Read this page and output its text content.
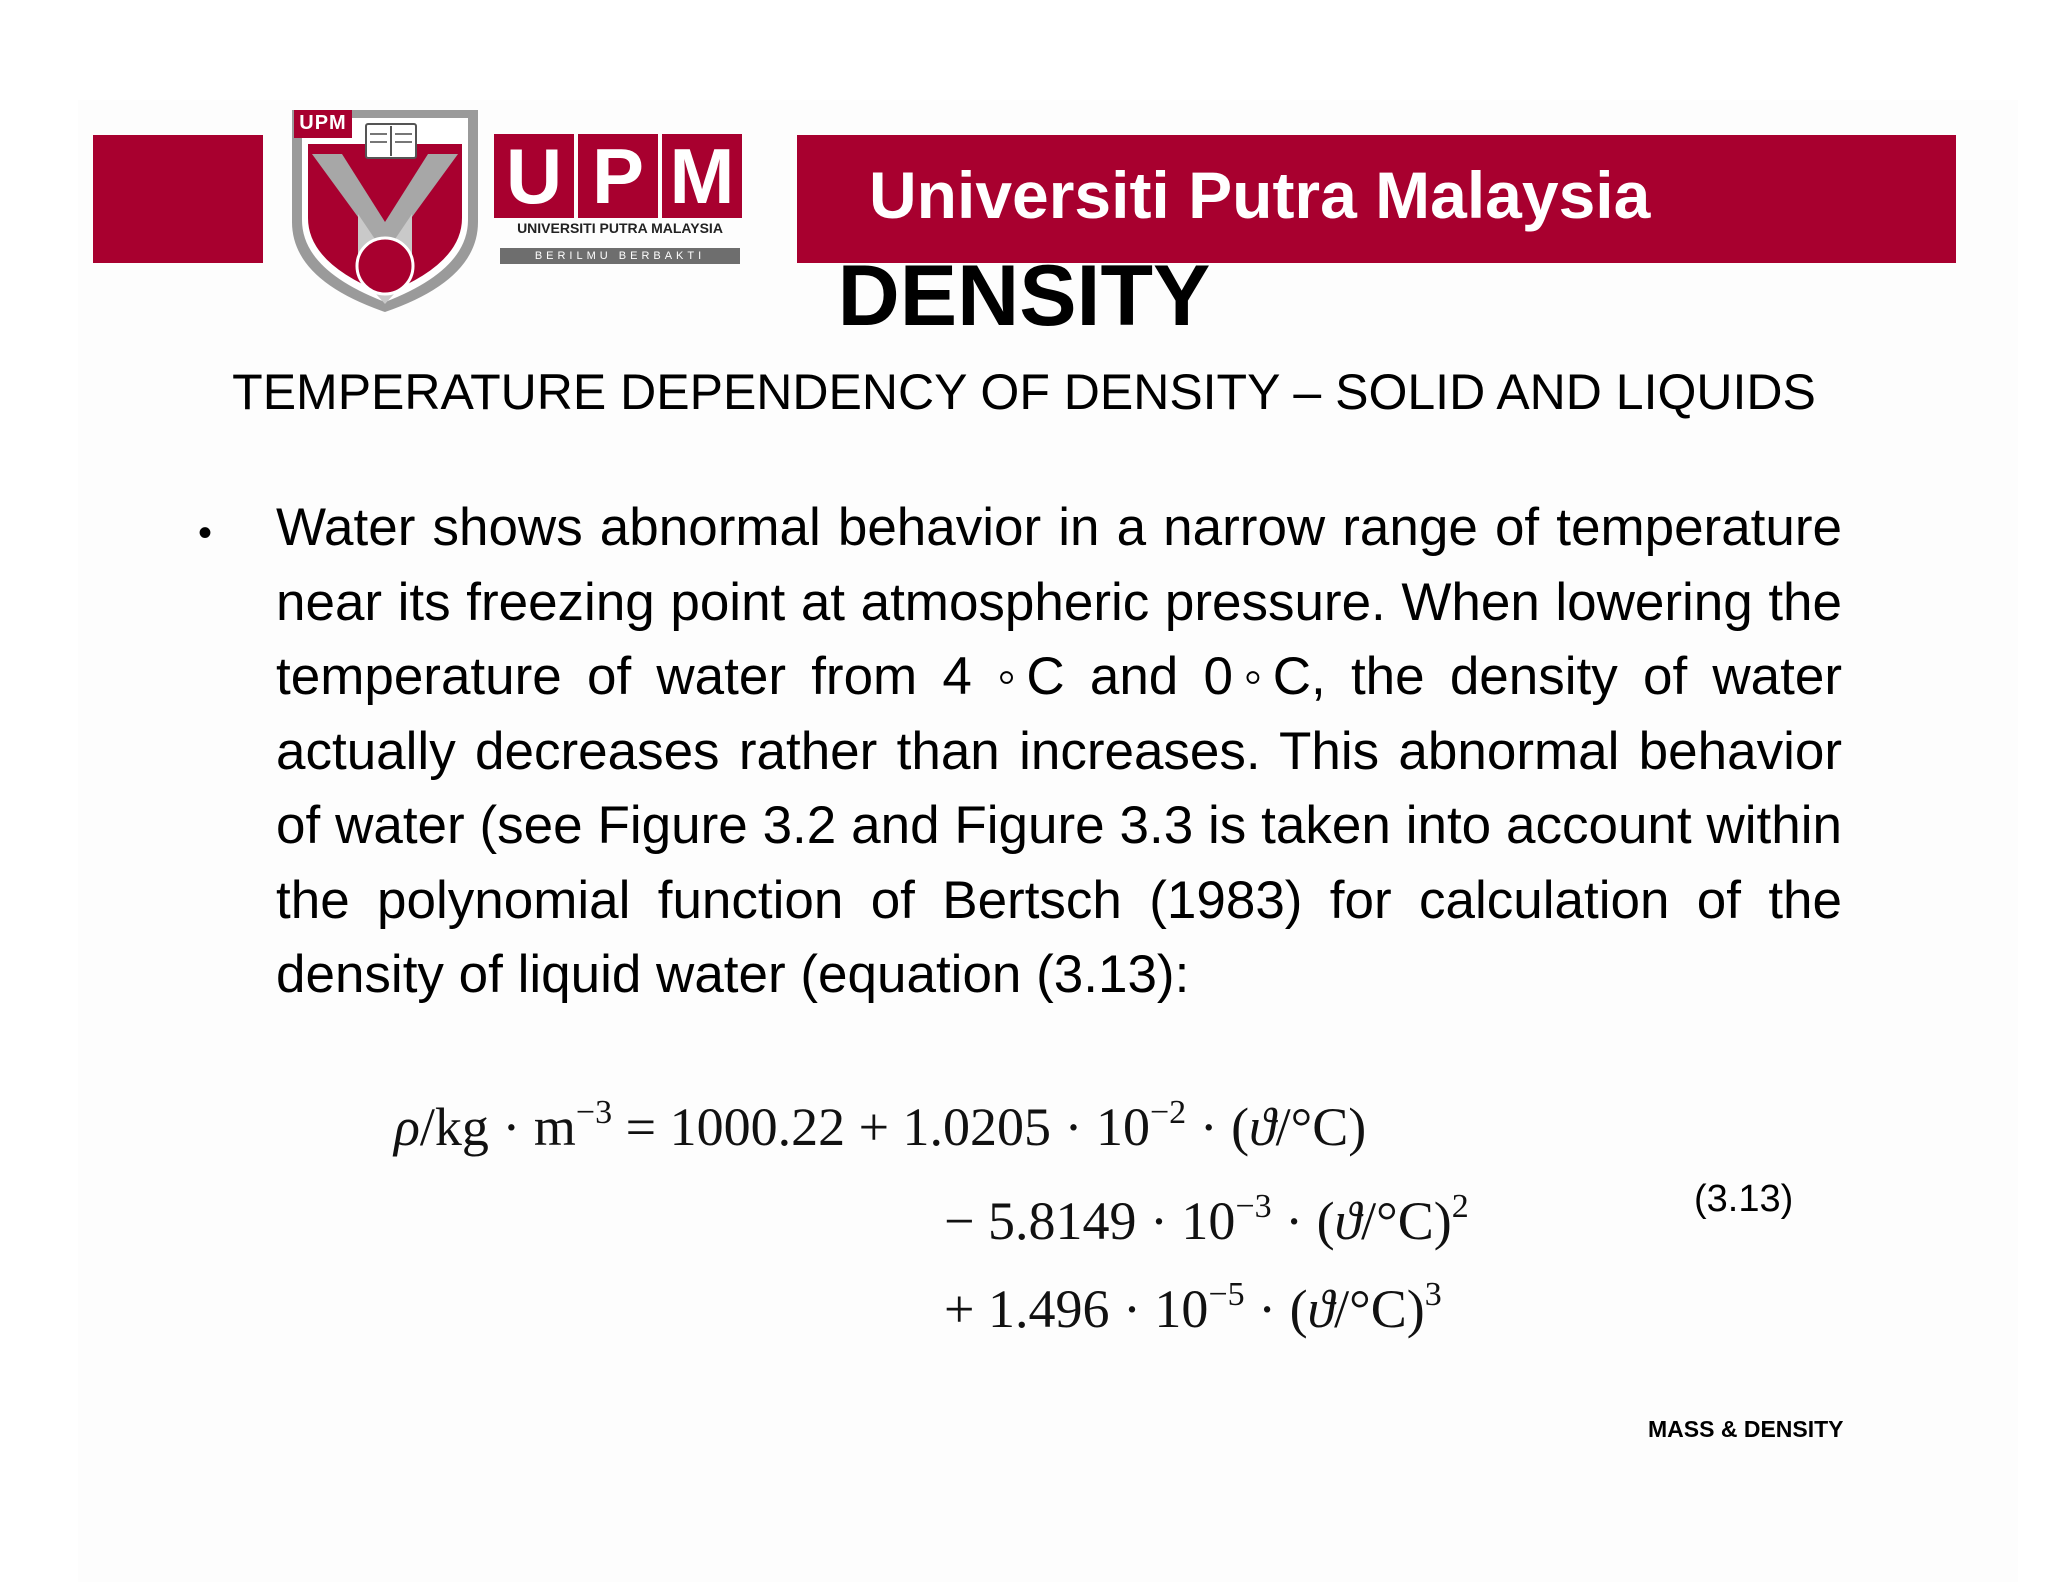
Universiti Putra Malaysia
UPM
U P M
UNIVERSITI PUTRA MALAYSIA
BERILMU BERBAKTI	DENSITY
TEMPERATURE DEPENDENCY OF DENSITY – SOLID AND LIQUIDS
• Water shows abnormal behavior in a narrow range of temperature near its freezing point at atmospheric pressure. When lowering the temperature of water from 4 ◦C and 0◦C, the density of water actually decreases rather than increases. This abnormal behavior of water (see Figure 3.2 and Figure 3.3 is taken into account within the polynomial function of Bertsch (1983) for calculation of the density of liquid water (equation (3.13):

$\rho/kg \cdot m^{-3} = 1000.22 + 1.0205 \cdot 10^{-2} \cdot (ϑ/^\circ C)$
− $5.8149 \cdot 10^{-3} \cdot (ϑ/^\circ C)^2$
+ $1.496 \cdot 10^{-5} \cdot (ϑ/^\circ C)^3$
(3.13)
MASS & DENSITY
